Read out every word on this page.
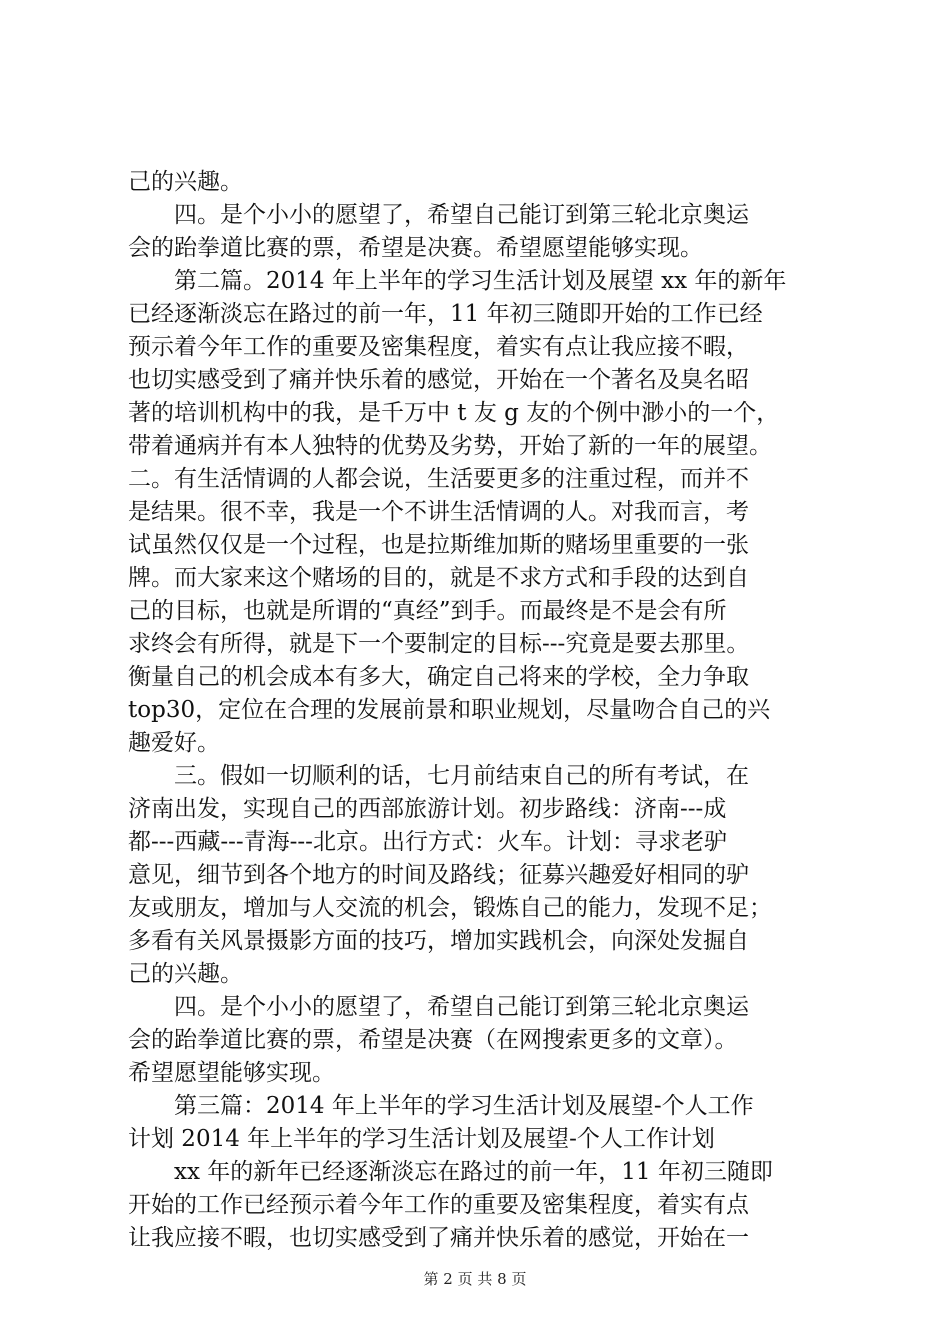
己的兴趣。
　　四。是个小小的愿望了，希望自己能订到第三轮北京奥运
会的跆拳道比赛的票，希望是决赛。希望愿望能够实现。
　　第二篇。2014 年上半年的学习生活计划及展望 xx 年的新年
已经逐渐淡忘在路过的前一年，11 年初三随即开始的工作已经
预示着今年工作的重要及密集程度，着实有点让我应接不暇，
也切实感受到了痛并快乐着的感觉，开始在一个著名及臭名昭
著的培训机构中的我，是千万中 t 友 g 友的个例中渺小的一个，
带着通病并有本人独特的优势及劣势，开始了新的一年的展望。
二。有生活情调的人都会说，生活要更多的注重过程，而并不
是结果。很不幸，我是一个不讲生活情调的人。对我而言，考
试虽然仅仅是一个过程，也是拉斯维加斯的赌场里重要的一张
牌。而大家来这个赌场的目的，就是不求方式和手段的达到自
己的目标，也就是所谓的“真经”到手。而最终是不是会有所
求终会有所得，就是下一个要制定的目标---究竟是要去那里。
衡量自己的机会成本有多大，确定自己将来的学校，全力争取
top30，定位在合理的发展前景和职业规划，尽量吻合自己的兴
趣爱好。
　　三。假如一切顺利的话，七月前结束自己的所有考试，在
济南出发，实现自己的西部旅游计划。初步路线：济南---成
都---西藏---青海---北京。出行方式：火车。计划：寻求老驴
意见，细节到各个地方的时间及路线；征募兴趣爱好相同的驴
友或朋友，增加与人交流的机会，锻炼自己的能力，发现不足；
多看有关风景摄影方面的技巧，增加实践机会，向深处发掘自
己的兴趣。
　　四。是个小小的愿望了，希望自己能订到第三轮北京奥运
会的跆拳道比赛的票，希望是决赛（在网搜索更多的文章）。
希望愿望能够实现。
　　第三篇：2014 年上半年的学习生活计划及展望-个人工作
计划 2014 年上半年的学习生活计划及展望-个人工作计划
　　xx 年的新年已经逐渐淡忘在路过的前一年，11 年初三随即
开始的工作已经预示着今年工作的重要及密集程度，着实有点
让我应接不暇，也切实感受到了痛并快乐着的感觉，开始在一
第 2 页 共 8 页
